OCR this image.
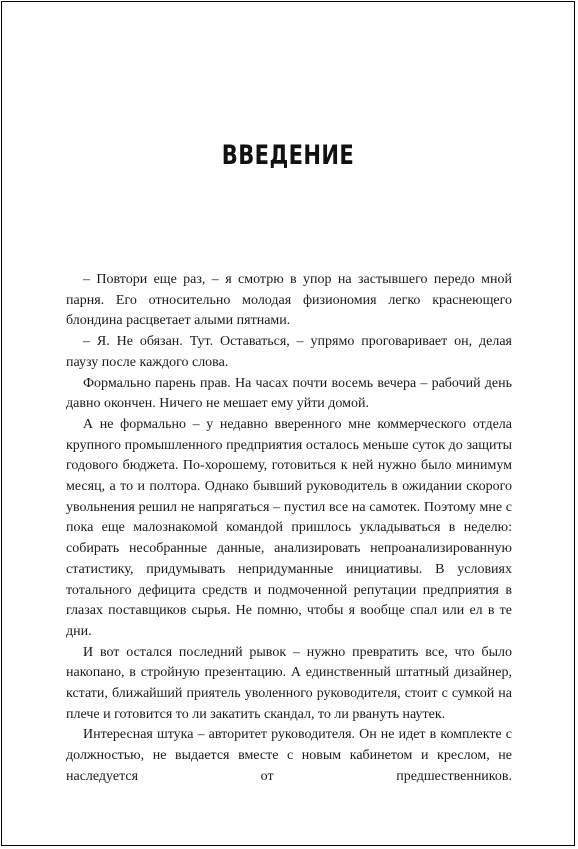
ВВЕДЕНИЕ

– Повтори еще раз, – я смотрю в упор на застывшего передо мной парня. Его относительно молодая физиономия легко краснеющего блондина расцветает алыми пятнами.

– Я. Не обязан. Тут. Оставаться, – упрямо проговаривает он, делая паузу после каждого слова.

Формально парень прав. На часах почти восемь вечера – рабочий день давно окончен. Ничего не мешает ему уйти домой.

А не формально – у недавно вверенного мне коммерческого отдела крупного промышленного предприятия осталось меньше суток до защиты годового бюджета. По-хорошему, готовиться к ней нужно было минимум месяц, а то и полтора. Однако бывший руководитель в ожидании скорого увольнения решил не напрягаться – пустил все на самотек. Поэтому мне с пока еще малознакомой командой пришлось укладываться в неделю: собирать несобранные данные, анализировать непроанализированную статистику, придумывать непридуманные инициативы. В условиях тотального дефицита средств и подмоченной репутации предприятия в глазах поставщиков сырья. Не помню, чтобы я вообще спал или ел в те дни.

И вот остался последний рывок – нужно превратить все, что было накопано, в стройную презентацию. А единственный штатный дизайнер, кстати, ближайший приятель уволенного руководителя, стоит с сумкой на плече и готовится то ли закатить скандал, то ли рвануть наутек.

Интересная штука – авторитет руководителя. Он не идет в комплекте с должностью, не выдается вместе с новым кабинетом и креслом, не наследуется от предшественников.
